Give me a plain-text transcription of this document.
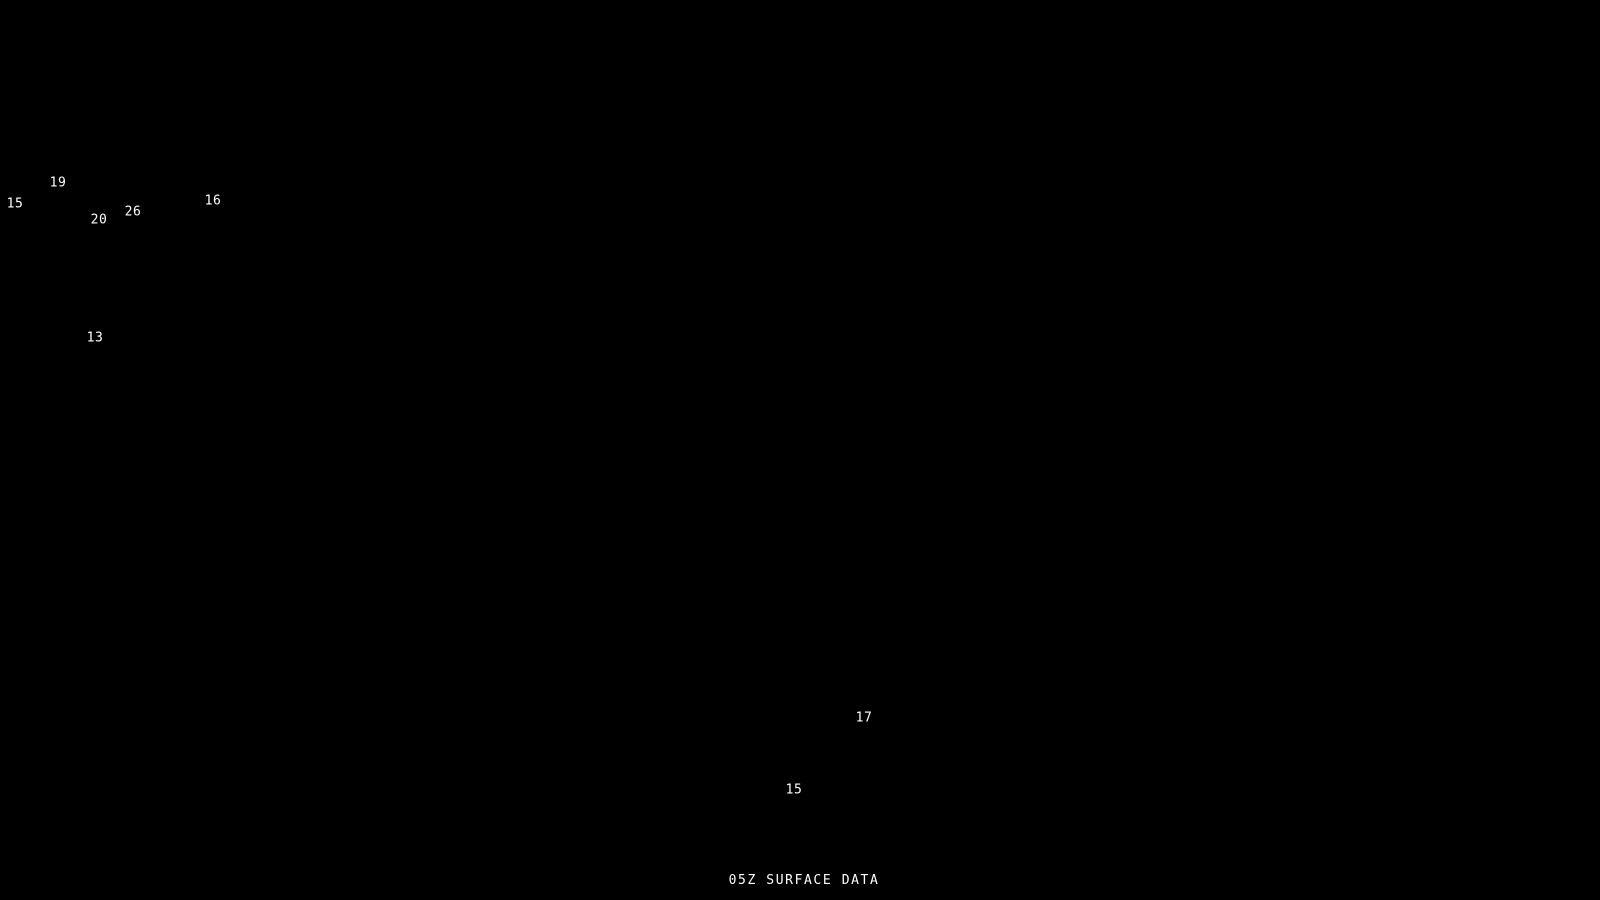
19
15	16
20
26
13
17
15
05Z SURFACE DATA
